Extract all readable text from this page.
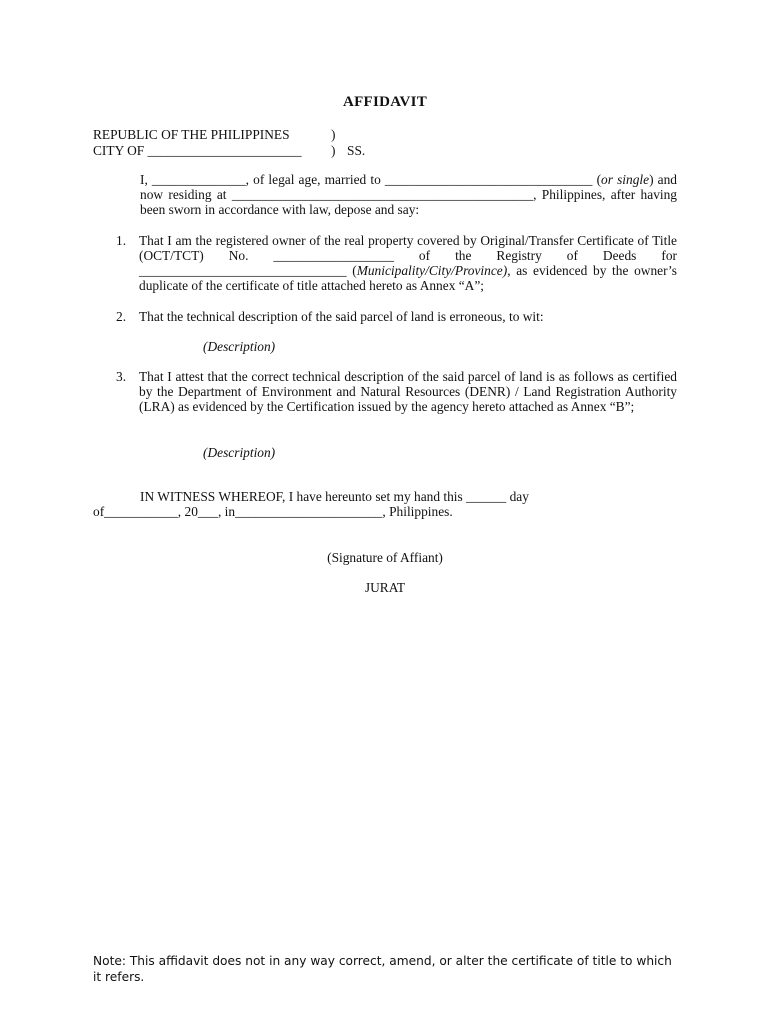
AFFIDAVIT
REPUBLIC OF THE PHILIPPINES	)
CITY OF _______________________ ) SS.
I, ______________, of legal age, married to _______________________________ (or single) and now residing at _____________________________________________, Philippines, after having been sworn in accordance with law, depose and say:
1. That I am the registered owner of the real property covered by Original/Transfer Certificate of Title (OCT/TCT) No. __________________ of the Registry of Deeds for _______________________________ (Municipality/City/Province), as evidenced by the owner’s duplicate of the certificate of title attached hereto as Annex “A”;
2. That the technical description of the said parcel of land is erroneous, to wit:
(Description)
3. That I attest that the correct technical description of the said parcel of land is as follows as certified by the Department of Environment and Natural Resources (DENR) / Land Registration Authority (LRA) as evidenced by the Certification issued by the agency hereto attached as Annex “B”;
(Description)
IN WITNESS WHEREOF, I have hereunto set my hand this ______ day
of___________, 20___, in______________________, Philippines.
(Signature of Affiant)
JURAT
Note: This affidavit does not in any way correct, amend, or alter the certificate of title to which it refers.
